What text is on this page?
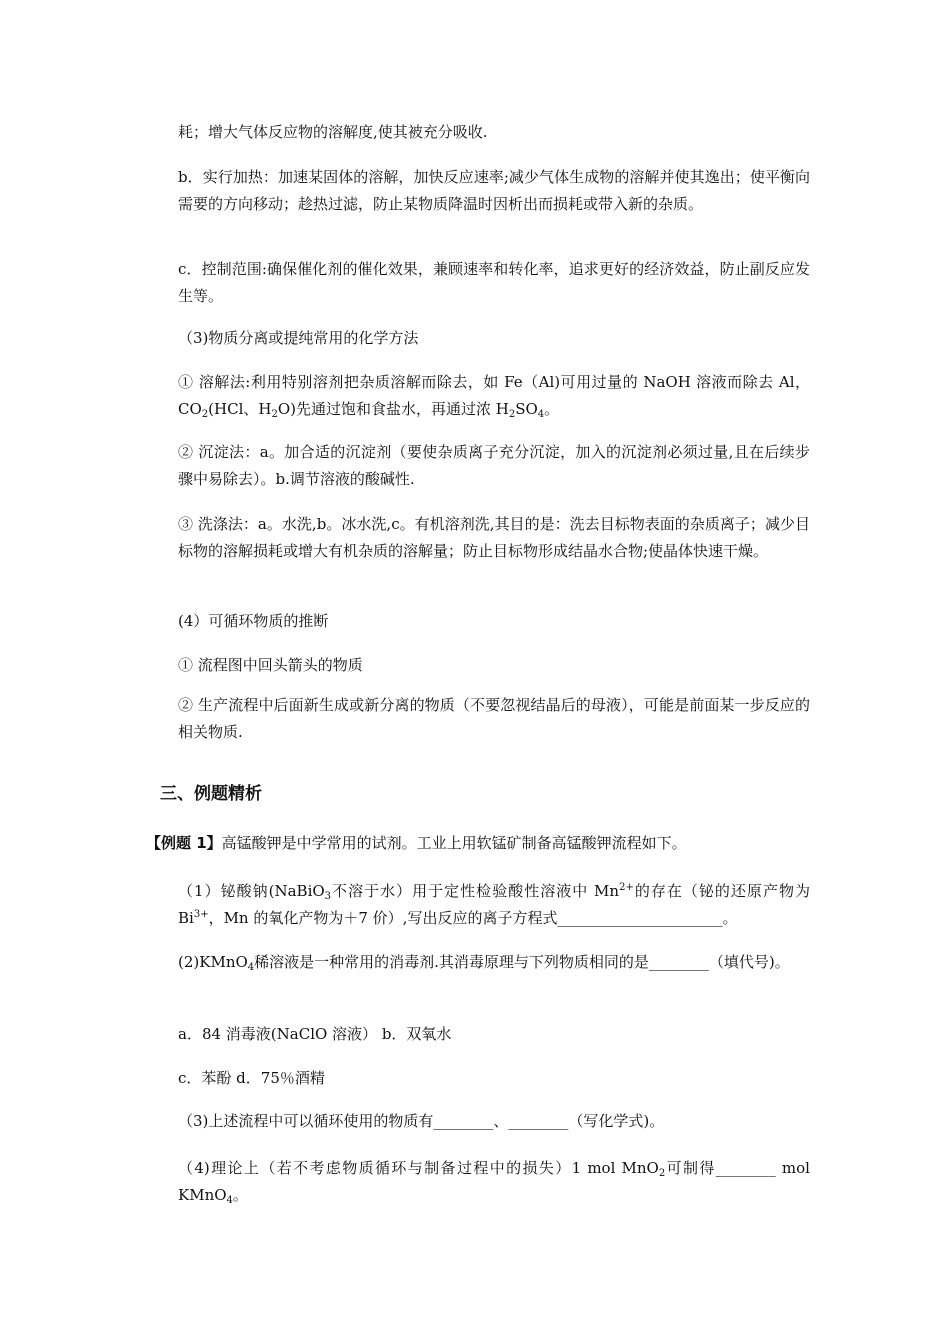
耗；增大气体反应物的溶解度,使其被充分吸收.

b．实行加热：加速某固体的溶解，加快反应速率;减少气体生成物的溶解并使其逸出；使平衡向需要的方向移动；趁热过滤，防止某物质降温时因析出而损耗或带入新的杂质。

c．控制范围:确保催化剂的催化效果，兼顾速率和转化率，追求更好的经济效益，防止副反应发生等。

（3)物质分离或提纯常用的化学方法

① 溶解法:利用特别溶剂把杂质溶解而除去，如 Fe（Al)可用过量的 NaOH 溶液而除去 Al，$CO_2(HCl$、$H_2O$)先通过饱和食盐水，再通过浓 $H_2SO_4$。

② 沉淀法：a。加合适的沉淀剂（要使杂质离子充分沉淀，加入的沉淀剂必须过量,且在后续步骤中易除去）。b.调节溶液的酸碱性.

③ 洗涤法：a。水洗,b。冰水洗,c。有机溶剂洗,其目的是：洗去目标物表面的杂质离子；减少目标物的溶解损耗或增大有机杂质的溶解量；防止目标物形成结晶水合物;使晶体快速干燥。

(4）可循环物质的推断

① 流程图中回头箭头的物质

② 生产流程中后面新生成或新分离的物质（不要忽视结晶后的母液），可能是前面某一步反应的相关物质.

三、例题精析

【例题 1】高锰酸钾是中学常用的试剂。工业上用软锰矿制备高锰酸钾流程如下。

（1）铋酸钠(NaBiO$_3$不溶于水）用于定性检验酸性溶液中 $Mn^{2+}$的存在（铋的还原产物为 $Bi^{3+}$，Mn 的氧化产物为＋7 价）,写出反应的离子方程式______________________。

(2)KMnO$_4$稀溶液是一种常用的消毒剂.其消毒原理与下列物质相同的是________（填代号)。

a．84 消毒液(NaClO 溶液） b．双氧水

c．苯酚 d．75％酒精

（3)上述流程中可以循环使用的物质有________、________（写化学式)。

（4)理论上（若不考虑物质循环与制备过程中的损失）1 mol MnO$_2$可制得________ mol KMnO$_4$。
